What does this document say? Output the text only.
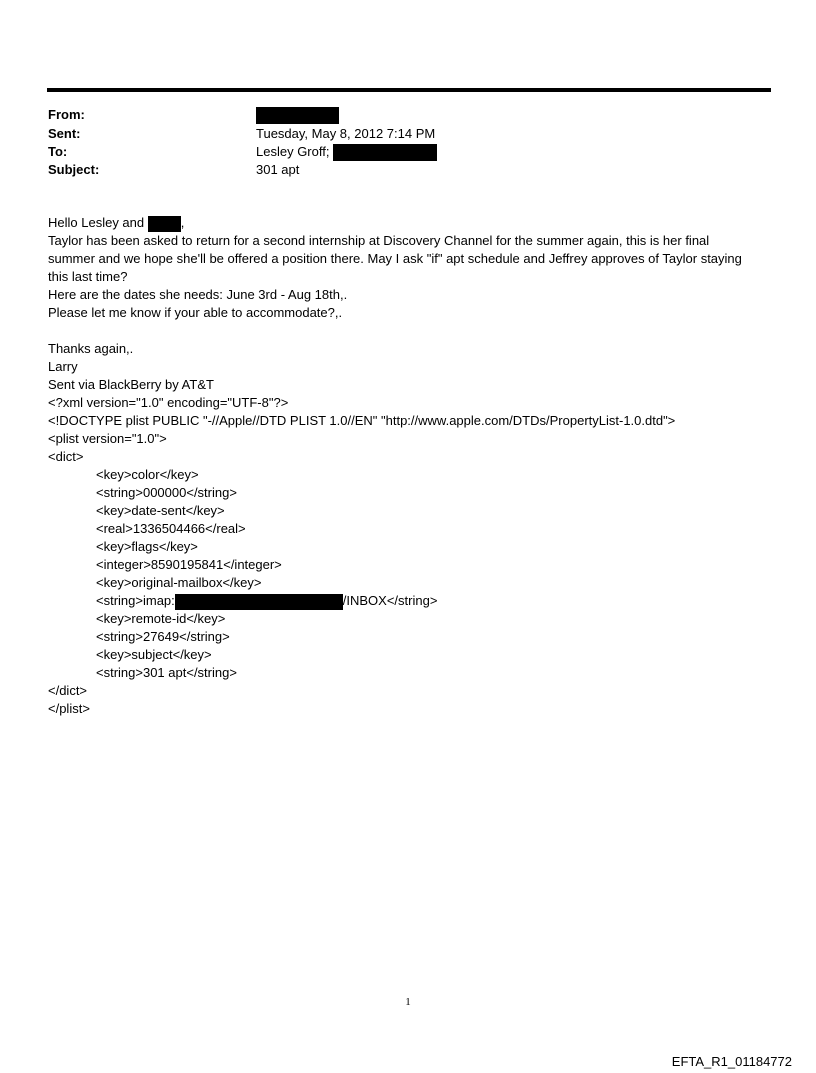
From:
Sent:	Tuesday, May 8, 2012 7:14 PM
To:	Lesley Groff;
Subject:	301 apt
Hello Lesley and	,
Taylor has been asked to return for a second internship at Discovery Channel for the summer again, this is her final summer and we hope she'll be offered a position there. May I ask "if" apt schedule and Jeffrey approves of Taylor staying this last time?
Here are the dates she needs: June 3rd - Aug 18th,.
Please let me know if your able to accommodate?,.
Thanks again,.
Larry
Sent via BlackBerry by AT&T
<?xml version="1.0" encoding="UTF-8"?>
<!DOCTYPE plist PUBLIC "-//Apple//DTD PLIST 1.0//EN" "http://www.apple.com/DTDs/PropertyList-1.0.dtd">
<plist version="1.0">
<dict>
<key>color</key>
<string>000000</string>
<key>date-sent</key>
<real>1336504466</real>
<key>flags</key>
<integer>8590195841</integer>
<key>original-mailbox</key>
<string>imap:	/INBOX</string>
<key>remote-id</key>
<string>27649</string>
<key>subject</key>
<string>301 apt</string>
</dict>
</plist>
1
EFTA_R1_01184772
